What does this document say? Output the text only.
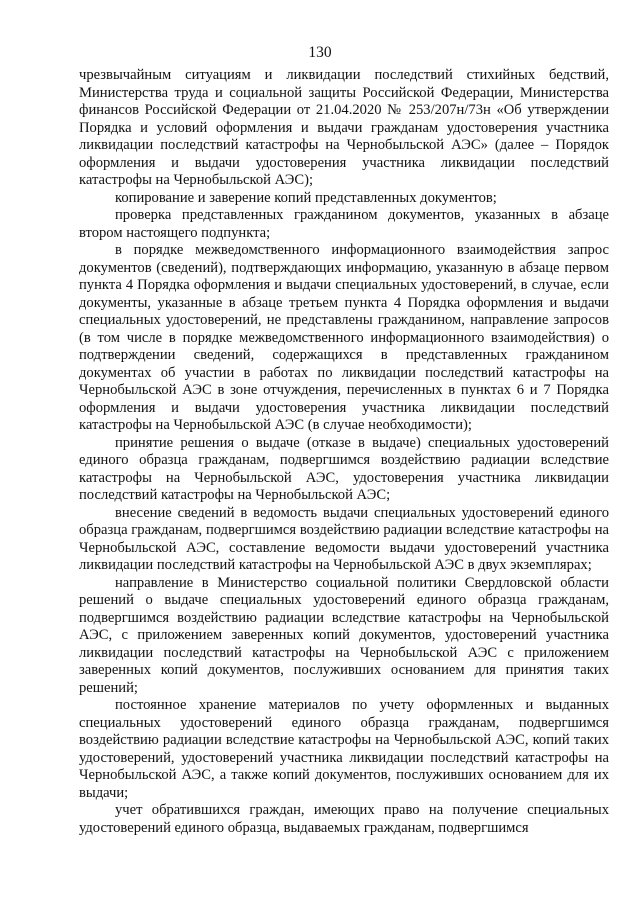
130

чрезвычайным ситуациям и ликвидации последствий стихийных бедствий, Министерства труда и социальной защиты Российской Федерации, Министерства финансов Российской Федерации от 21.04.2020 № 253/207н/73н «Об утверждении Порядка и условий оформления и выдачи гражданам удостоверения участника ликвидации последствий катастрофы на Чернобыльской АЭС» (далее – Порядок оформления и выдачи удостоверения участника ликвидации последствий катастрофы на Чернобыльской АЭС);

копирование и заверение копий представленных документов;

проверка представленных гражданином документов, указанных в абзаце втором настоящего подпункта;

в порядке межведомственного информационного взаимодействия запрос документов (сведений), подтверждающих информацию, указанную в абзаце первом пункта 4 Порядка оформления и выдачи специальных удостоверений, в случае, если документы, указанные в абзаце третьем пункта 4 Порядка оформления и выдачи специальных удостоверений, не представлены гражданином, направление запросов (в том числе в порядке межведомственного информационного взаимодействия) о подтверждении сведений, содержащихся в представленных гражданином документах об участии в работах по ликвидации последствий катастрофы на Чернобыльской АЭС в зоне отчуждения, перечисленных в пунктах 6 и 7 Порядка оформления и выдачи удостоверения участника ликвидации последствий катастрофы на Чернобыльской АЭС (в случае необходимости);

принятие решения о выдаче (отказе в выдаче) специальных удостоверений единого образца гражданам, подвергшимся воздействию радиации вследствие катастрофы на Чернобыльской АЭС, удостоверения участника ликвидации последствий катастрофы на Чернобыльской АЭС;

внесение сведений в ведомость выдачи специальных удостоверений единого образца гражданам, подвергшимся воздействию радиации вследствие катастрофы на Чернобыльской АЭС, составление ведомости выдачи удостоверений участника ликвидации последствий катастрофы на Чернобыльской АЭС в двух экземплярах;

направление в Министерство социальной политики Свердловской области решений о выдаче специальных удостоверений единого образца гражданам, подвергшимся воздействию радиации вследствие катастрофы на Чернобыльской АЭС, с приложением заверенных копий документов, удостоверений участника ликвидации последствий катастрофы на Чернобыльской АЭС с приложением заверенных копий документов, послуживших основанием для принятия таких решений;

постоянное хранение материалов по учету оформленных и выданных специальных удостоверений единого образца гражданам, подвергшимся воздействию радиации вследствие катастрофы на Чернобыльской АЭС, копий таких удостоверений, удостоверений участника ликвидации последствий катастрофы на Чернобыльской АЭС, а также копий документов, послуживших основанием для их выдачи;

учет обратившихся граждан, имеющих право на получение специальных удостоверений единого образца, выдаваемых гражданам, подвергшимся
